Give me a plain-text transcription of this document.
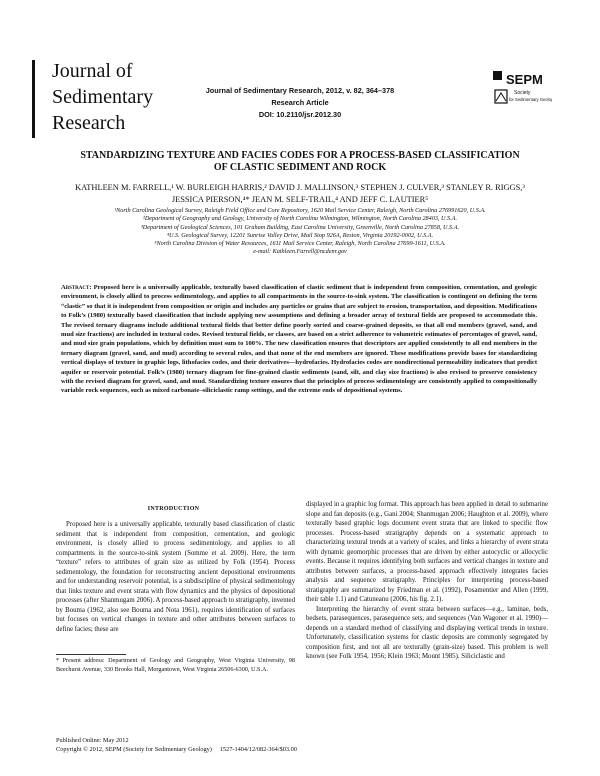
Journal of
Sedimentary
Research
Journal of Sedimentary Research, 2012, v. 82, 364–378
Research Article
DOI: 10.2110/jsr.2012.30
SEPM
Society
for Sedimentary Geology
STANDARDIZING TEXTURE AND FACIES CODES FOR A PROCESS-BASED CLASSIFICATION
OF CLASTIC SEDIMENT AND ROCK
KATHLEEN M. FARRELL,¹ W. BURLEIGH HARRIS,² DAVID J. MALLINSON,³ STEPHEN J. CULVER,³ STANLEY R. RIGGS,³
JESSICA PIERSON,⁴* JEAN M. SELF-TRAIL,⁴ AND JEFF C. LAUTIER⁵
¹North Carolina Geological Survey, Raleigh Field Office and Core Repository, 1620 Mail Service Center, Raleigh, North Carolina 276991620, U.S.A.
²Department of Geography and Geology, University of North Carolina Wilmington, Wilmington, North Carolina 28403, U.S.A.
³Department of Geological Sciences, 101 Graham Building, East Carolina University, Greenville, North Carolina 27858, U.S.A.
⁴U.S. Geological Survey, 12201 Sunrise Valley Drive, Mail Stop 926A, Reston, Virginia 20192-0002, U.S.A.
⁵North Carolina Division of Water Resources, 1611 Mail Service Center, Raleigh, North Carolina 27699-1611, U.S.A.
e-mail: Kathleen.Farrell@ncdenr.gov
Abstract: Proposed here is a universally applicable, texturally based classification of clastic sediment that is independent from composition, cementation, and geologic environment, is closely allied to process sedimentology, and applies to all compartments in the source-to-sink system. The classification is contingent on defining the term “clastic” so that it is independent from composition or origin and includes any particles or grains that are subject to erosion, transportation, and deposition. Modifications to Folk’s (1980) texturally based classification that include applying new assumptions and defining a broader array of textural fields are proposed to accommodate this. The revised ternary diagrams include additional textural fields that better define poorly sorted and coarse-grained deposits, so that all end members (gravel, sand, and mud size fractions) are included in textural codes. Revised textural fields, or classes, are based on a strict adherence to volumetric estimates of percentages of gravel, sand, and mud size grain populations, which by definition must sum to 100%. The new classification ensures that descriptors are applied consistently to all end members in the ternary diagram (gravel, sand, and mud) according to several rules, and that none of the end members are ignored. These modifications provide bases for standardizing vertical displays of texture in graphic logs, lithofacies codes, and their derivatives—hydrofacies. Hydrofacies codes are nondirectional permeability indicators that predict aquifer or reservoir potential. Folk’s (1980) ternary diagram for fine-grained clastic sediments (sand, silt, and clay size fractions) is also revised to preserve consistency with the revised diagram for gravel, sand, and mud. Standardizing texture ensures that the principles of process sedimentology are consistently applied to compositionally variable rock sequences, such as mixed carbonate–siliciclastic ramp settings, and the extreme ends of depositional systems.
INTRODUCTION

Proposed here is a universally applicable, texturally based classification of clastic sediment that is independent from composition, cementation, and geologic environment, is closely allied to process sedimentology, and applies to all compartments in the source-to-sink system (Somme et al. 2009). Here, the term “texture” refers to attributes of grain size as utilized by Folk (1954). Process sedimentology, the foundation for reconstructing ancient depositional environments and for understanding reservoir potential, is a subdiscipline of physical sedimentology that links texture and event strata with flow dynamics and the physics of depositional processes (after Shanmugam 2006). A process-based approach to stratigraphy, invented by Bouma (1962, also see Bouma and Nota 1961), requires identification of surfaces but focuses on vertical changes in texture and other attributes between surfaces to define facies; these are

displayed in a graphic log format. This approach has been applied in detail to submarine slope and fan deposits (e.g., Gani 2004; Shanmugan 2006; Haughton et al. 2009), where texturally based graphic logs document event strata that are linked to specific flow processes. Process-based stratigraphy depends on a systematic approach to characterizing textural trends at a variety of scales, and links a hierarchy of event strata with dynamic geomorphic processes that are driven by either autocyclic or allocyclic events. Because it requires identifying both surfaces and vertical changes in texture and attributes between surfaces, a process-based approach effectively integrates facies analysis and sequence stratigraphy. Principles for interpreting process-based stratigraphy are summarized by Friedman et al. (1992), Posamentier and Allen (1999, their table 1.1) and Catuneanu (2006, his fig. 2.1).

Interpreting the hierarchy of event strata between surfaces—e.g., laminae, beds, bedsets, parasequences, parasequence sets, and sequences (Van Wagoner et al. 1990)—depends on a standard method of classifying and displaying vertical trends in texture. Unfortunately, classification systems for clastic deposits are commonly segregated by composition first, and not all are texturally (grain-size) based. This problem is well known (see Folk 1954, 1956; Klein 1963; Mount 1985). Siliciclastic and

* Present address: Department of Geology and Geography, West Virginia University, 98 Beechurst Avenue, 330 Brooks Hall, Morgantown, West Virginia 26506-6300, U.S.A.
Published Online: May 2012
Copyright © 2012, SEPM (Society for Sedimentary Geology)     1527-1404/12/082-364/$03.00
